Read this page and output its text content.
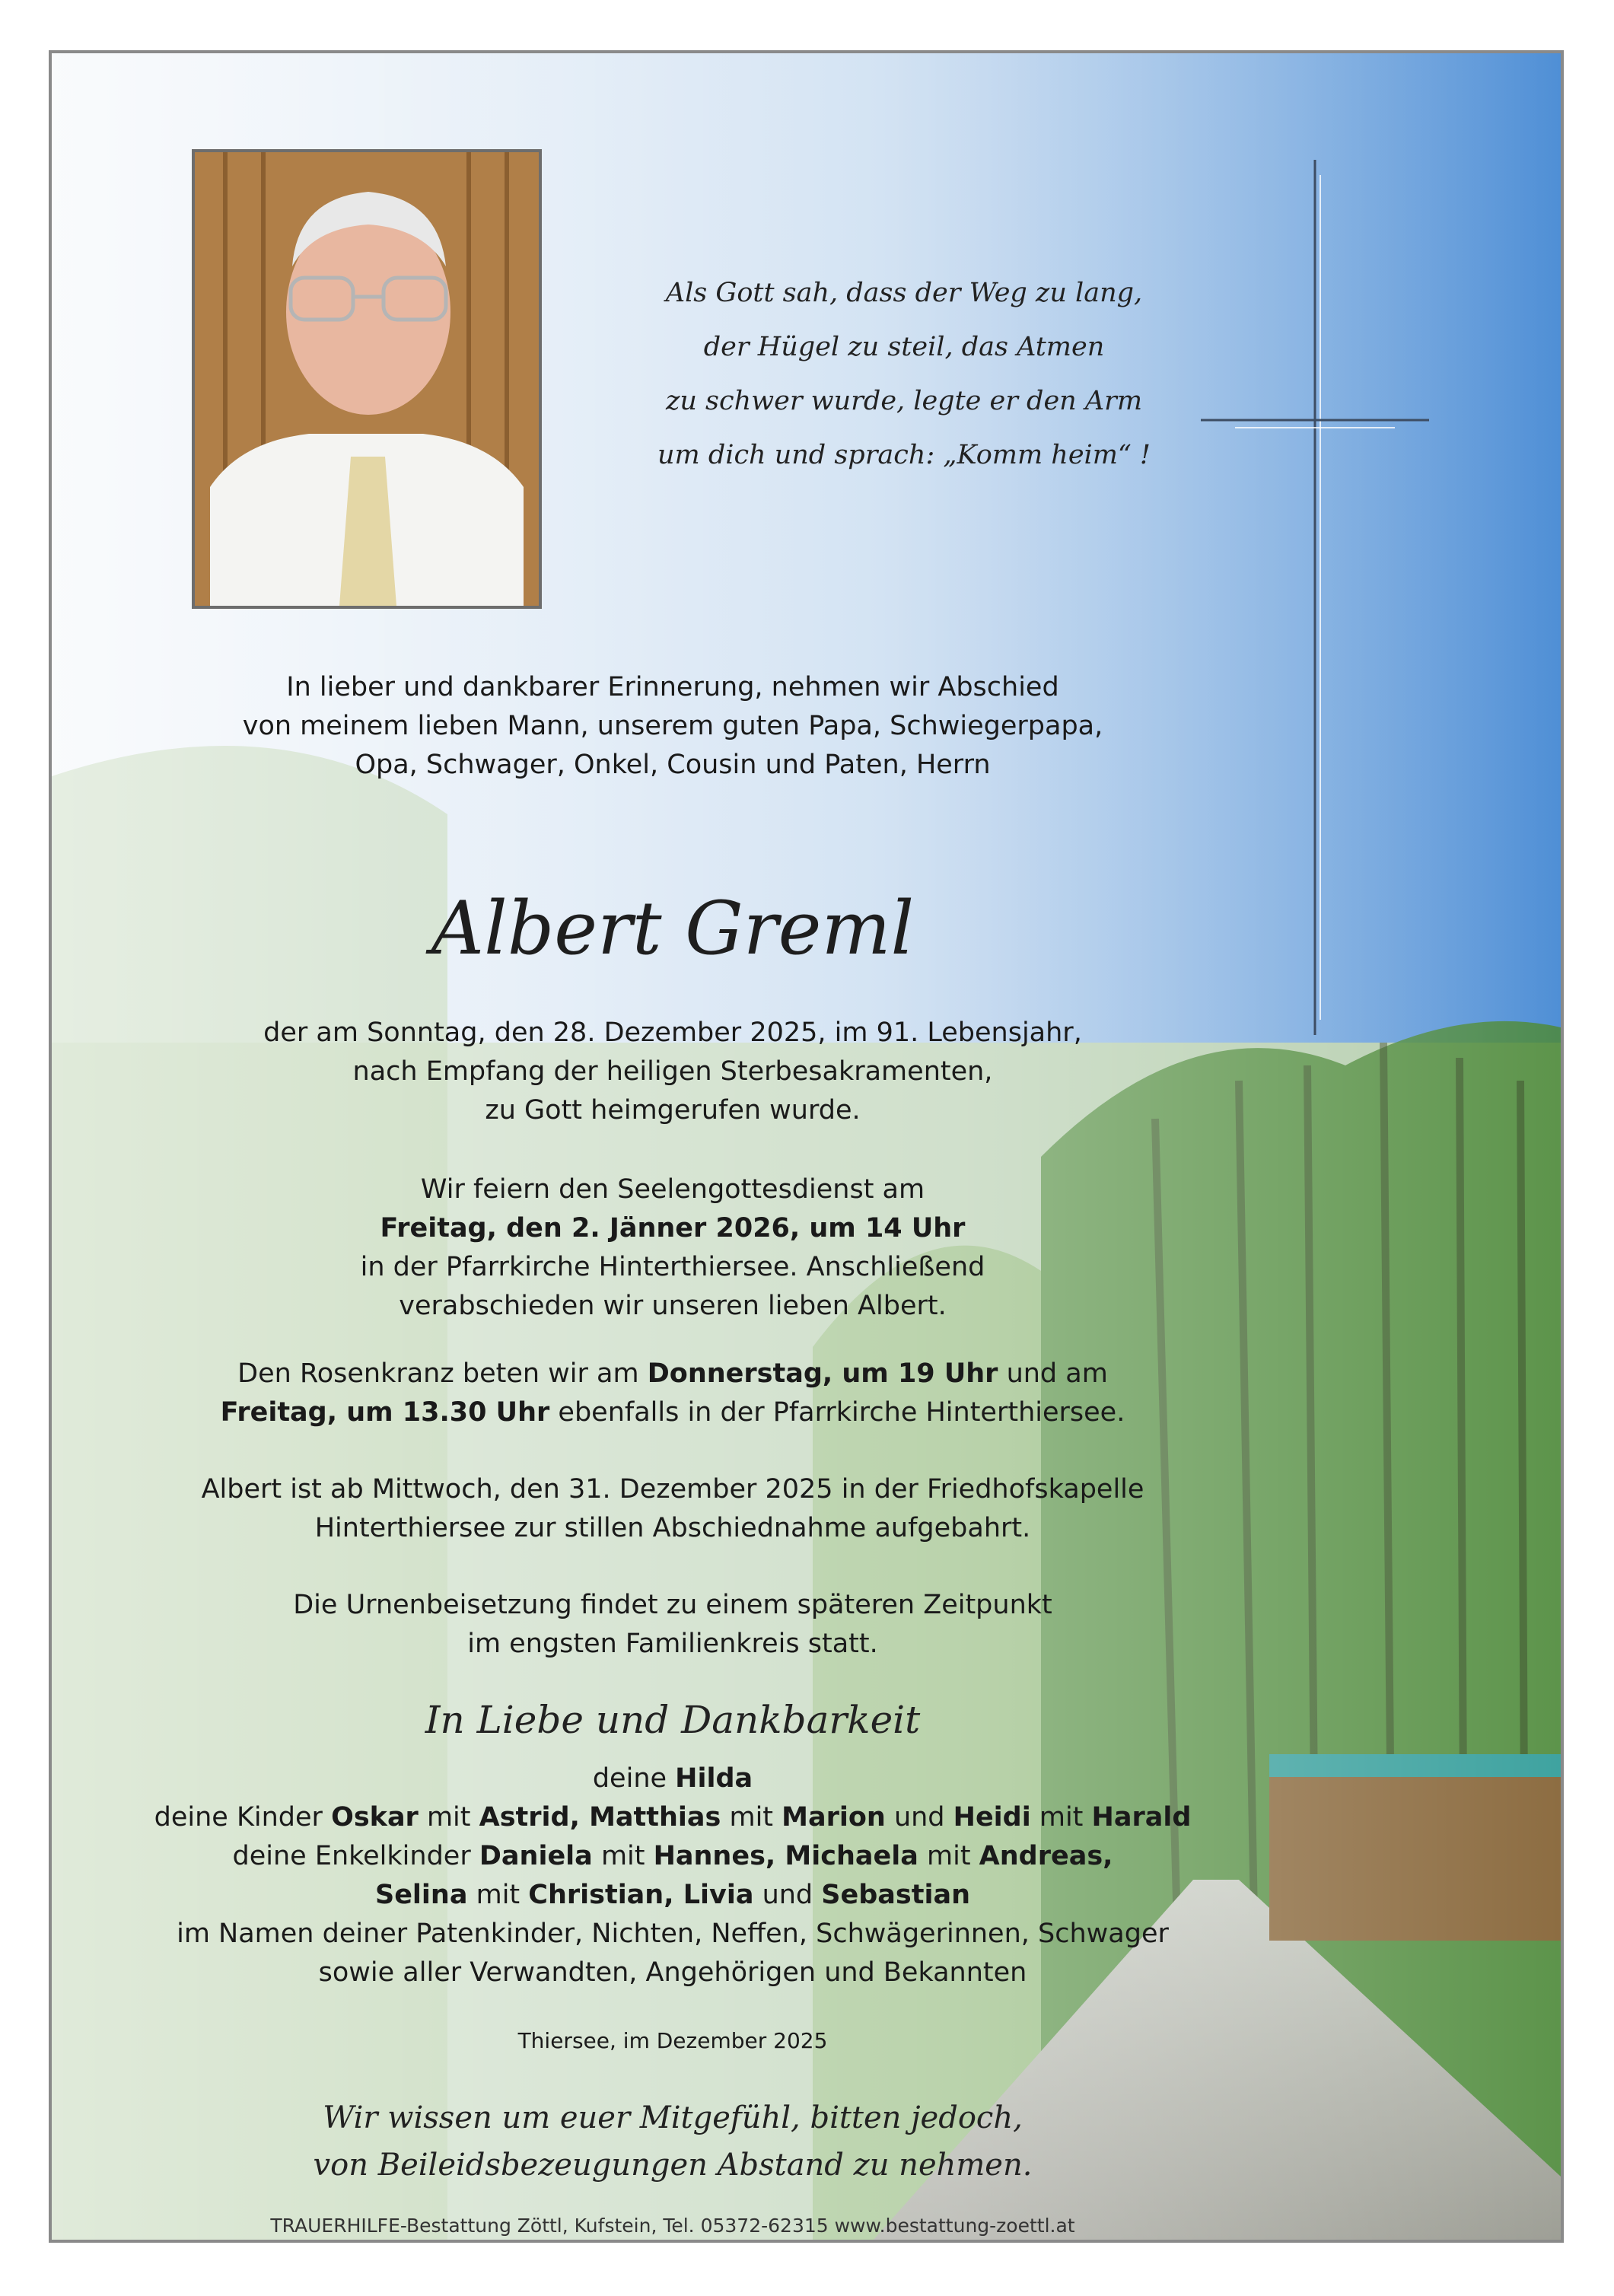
Als Gott sah, dass der Weg zu lang,
der Hügel zu steil, das Atmen
zu schwer wurde, legte er den Arm
um dich und sprach: „Komm heim“ !

In lieber und dankbarer Erinnerung, nehmen wir Abschied

von meinem lieben Mann, unserem guten Papa, Schwiegerpapa,

Opa, Schwager, Onkel, Cousin und Paten, Herrn

Albert Greml

der am Sonntag, den 28. Dezember 2025, im 91. Lebensjahr,

nach Empfang der heiligen Sterbesakramenten,

zu Gott heimgerufen wurde.

Wir feiern den Seelengottesdienst am

Freitag, den 2. Jänner 2026, um 14 Uhr

in der Pfarrkirche Hinterthiersee. Anschließend

verabschieden wir unseren lieben Albert.

Den Rosenkranz beten wir am Donnerstag, um 19 Uhr und am

Freitag, um 13.30 Uhr ebenfalls in der Pfarrkirche Hinterthiersee.

Albert ist ab Mittwoch, den 31. Dezember 2025 in der Friedhofskapelle

Hinterthiersee zur stillen Abschiednahme aufgebahrt.

Die Urnenbeisetzung findet zu einem späteren Zeitpunkt

im engsten Familienkreis statt.

In Liebe und Dankbarkeit

deine Hilda

deine Kinder Oskar mit Astrid, Matthias mit Marion und Heidi mit Harald

deine Enkelkinder Daniela mit Hannes, Michaela mit Andreas,

Selina mit Christian, Livia und Sebastian

im Namen deiner Patenkinder, Nichten, Neffen, Schwägerinnen, Schwager

sowie aller Verwandten, Angehörigen und Bekannten

Thiersee, im Dezember 2025
Wir wissen um euer Mitgefühl, bitten jedoch,
von Beileidsbezeugungen Abstand zu nehmen.
TRAUERHILFE-Bestattung Zöttl, Kufstein, Tel. 05372-62315 www.bestattung-zoettl.at
